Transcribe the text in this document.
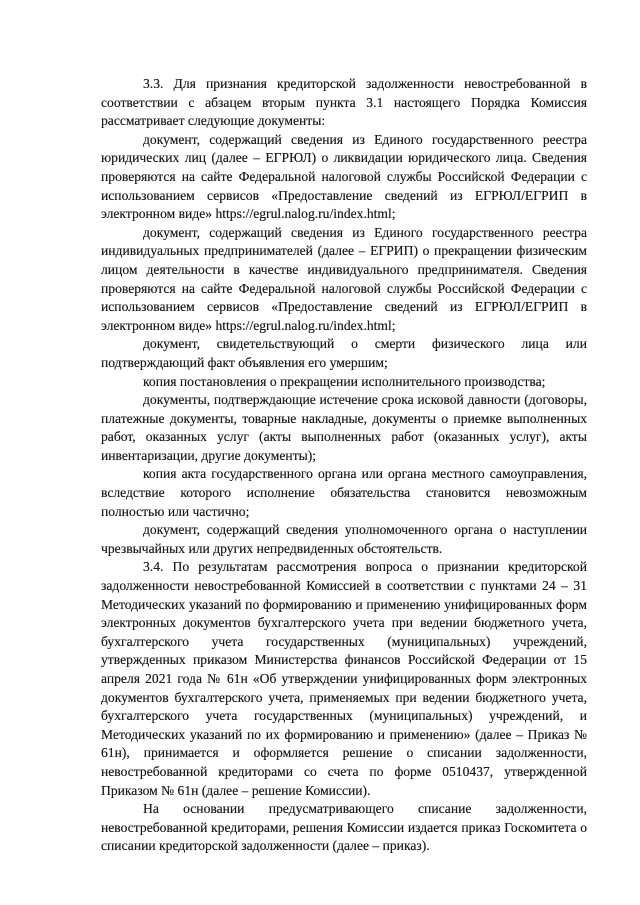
3.3. Для признания кредиторской задолженности невостребованной в соответствии с абзацем вторым пункта 3.1 настоящего Порядка Комиссия рассматривает следующие документы:

документ, содержащий сведения из Единого государственного реестра юридических лиц (далее – ЕГРЮЛ) о ликвидации юридического лица. Сведения проверяются на сайте Федеральной налоговой службы Российской Федерации с использованием сервисов «Предоставление сведений из ЕГРЮЛ/ЕГРИП в электронном виде» https://egrul.nalog.ru/index.html;

документ, содержащий сведения из Единого государственного реестра индивидуальных предпринимателей (далее – ЕГРИП) о прекращении физическим лицом деятельности в качестве индивидуального предпринимателя. Сведения проверяются на сайте Федеральной налоговой службы Российской Федерации с использованием сервисов «Предоставление сведений из ЕГРЮЛ/ЕГРИП в электронном виде» https://egrul.nalog.ru/index.html;

документ, свидетельствующий о смерти физического лица или подтверждающий факт объявления его умершим;

копия постановления о прекращении исполнительного производства;

документы, подтверждающие истечение срока исковой давности (договоры, платежные документы, товарные накладные, документы о приемке выполненных работ, оказанных услуг (акты выполненных работ (оказанных услуг), акты инвентаризации, другие документы);

копия акта государственного органа или органа местного самоуправления, вследствие которого исполнение обязательства становится невозможным полностью или частично;

документ, содержащий сведения уполномоченного органа о наступлении чрезвычайных или других непредвиденных обстоятельств.

3.4. По результатам рассмотрения вопроса о признании кредиторской задолженности невостребованной Комиссией в соответствии с пунктами 24 – 31 Методических указаний по формированию и применению унифицированных форм электронных документов бухгалтерского учета при ведении бюджетного учета, бухгалтерского учета государственных (муниципальных) учреждений, утвержденных приказом Министерства финансов Российской Федерации от 15 апреля 2021 года № 61н «Об утверждении унифицированных форм электронных документов бухгалтерского учета, применяемых при ведении бюджетного учета, бухгалтерского учета государственных (муниципальных) учреждений, и Методических указаний по их формированию и применению» (далее – Приказ № 61н), принимается и оформляется решение о списании задолженности, невостребованной кредиторами со счета по форме 0510437, утвержденной Приказом № 61н (далее – решение Комиссии).

На основании предусматривающего списание задолженности, невостребованной кредиторами, решения Комиссии издается приказ Госкомитета о списании кредиторской задолженности (далее – приказ).
